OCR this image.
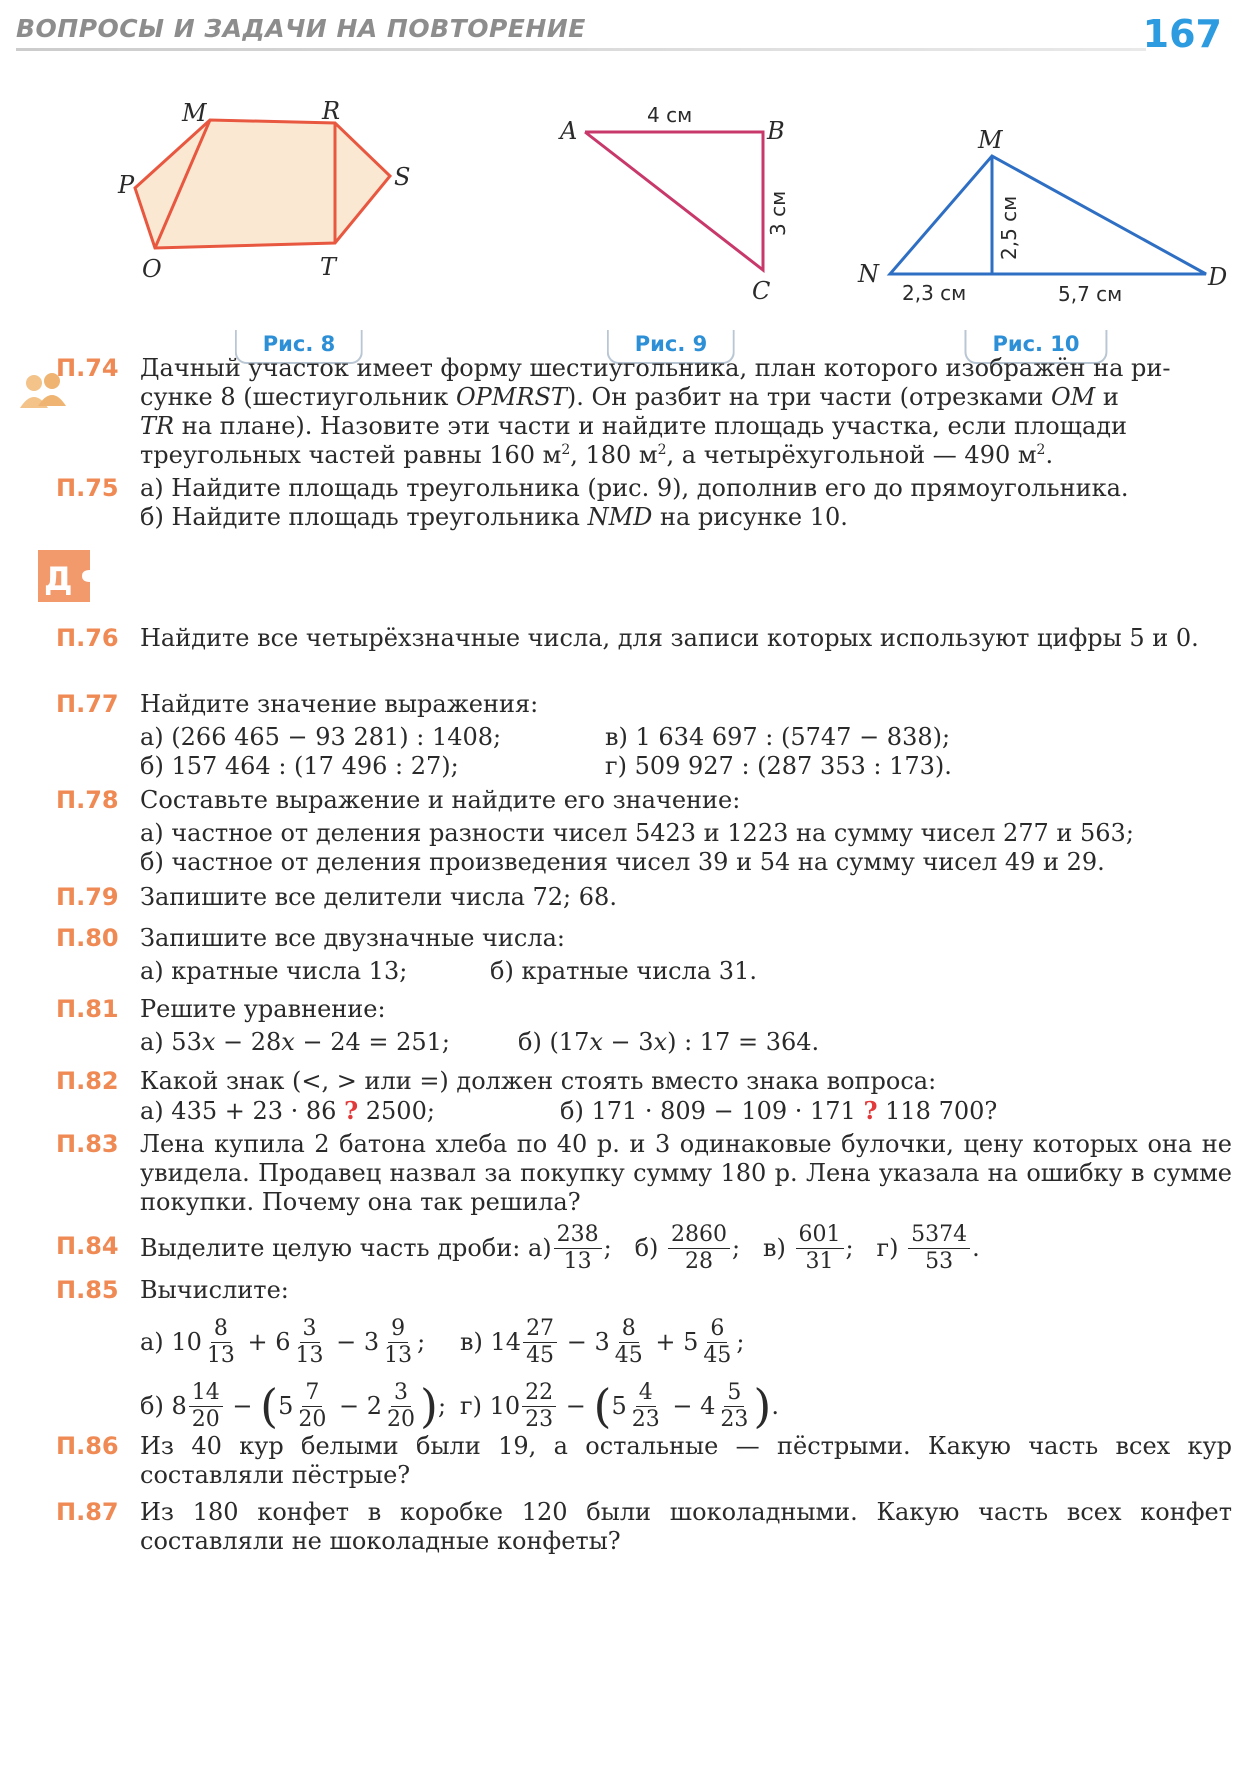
ВОПРОСЫ И ЗАДАЧИ НА ПОВТОРЕНИЕ	167
M	R
S
P
O	T
Рис. 8
A	B
C
4 см
3 см
Рис. 9
M
N	D
2,3 см	5,7 см
2,5 см
Рис. 10
П.74 Дачный участок имеет форму шестиугольника, план которого изображён на ри-
сунке 8 (шестиугольник OPMRST). Он разбит на три части (отрезками OM и
TR на плане). Назовите эти части и найдите площадь участка, если площади
треугольных частей равны 160 $м^2$, 180 $м^2$, а четырёхугольной — 490 $м^2$.
П.75 а) Найдите площадь треугольника (рис. 9), дополнив его до прямоугольника.
б) Найдите площадь треугольника NMD на рисунке 10.
Д
П.76 Найдите все четырёхзначные числа, для записи которых используют цифры 5 и 0.
П.77 Найдите значение выражения:
а) (266 465 − 93 281) : 1408;	в) 1 634 697 : (5747 − 838);
б) 157 464 : (17 496 : 27);	г) 509 927 : (287 353 : 173).
П.78 Составьте выражение и найдите его значение:
а) частное от деления разности чисел 5423 и 1223 на сумму чисел 277 и 563;
б) частное от деления произведения чисел 39 и 54 на сумму чисел 49 и 29.
П.79 Запишите все делители числа 72; 68.
П.80 Запишите все двузначные числа:
а) кратные числа 13;	б) кратные числа 31.
П.81 Решите уравнение:
а) 53x − 28x − 24 = 251;	б) (17x − 3x) : 17 = 364.
П.82 Какой знак (<, > или =) должен стоять вместо знака вопроса:
а) 435 + 23 · 86 ? 2500;	б) 171 · 809 − 109 · 171 ? 118 700?
П.83 Лена купила 2 батона хлеба по 40 р. и 3 одинаковые булочки, цену которых она не увидела. Продавец назвал за покупку сумму 180 р. Лена указала на ошибку в сумме покупки. Почему она так решила?
П.84 Выделите целую часть дроби: $а) \frac{238}{13}$ ; б)
$\frac{2860}{28}$ ; в)
$\frac{601}{31}$ ; г)
$\frac{5374}{53}$ .
П.85 Вычислите:
а)
$10 \frac{8}{13} + 6 \frac{3}{13} - 3 \frac{9}{13}$ ;	в)
$14 \frac{27}{45} - 3 \frac{8}{45} + 5 \frac{6}{45}$ ;
б)
$8 \frac{14}{20}$ − ( $5 \frac{7}{20} - 2 \frac{3}{20}$ ) ; г)
$10 \frac{22}{23}$ − ( $5 \frac{4}{23} - 4 \frac{5}{23}$ ) .
П.86 Из 40 кур белыми были 19, а остальные — пёстрыми. Какую часть всех кур составляли пёстрые?
П.87 Из 180 конфет в коробке 120 были шоколадными. Какую часть всех конфет составляли не шоколадные конфеты?
